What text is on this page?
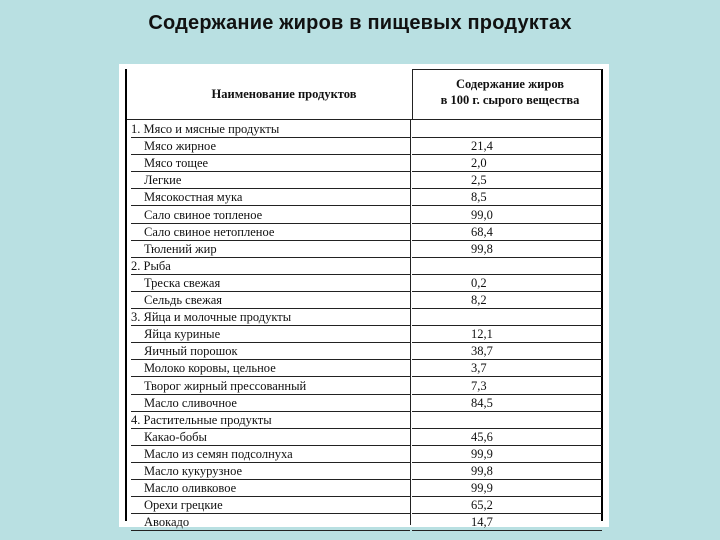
Содержание жиров в пищевых продуктах
Наименование продуктов
Содержание жиров
в 100 г. сырого вещества
1. Мясо и мясные продукты
Мясо жирное	21,4
Мясо тощее	2,0
Легкие	2,5
Мясокостная мука	8,5
Сало свиное топленое	99,0
Сало свиное нетопленое	68,4
Тюлений жир	99,8
2. Рыба
Треска свежая	0,2
Сельдь свежая	8,2
3. Яйца и молочные продукты
Яйца куриные	12,1
Яичный порошок	38,7
Молоко коровы, цельное	3,7
Творог жирный прессованный	7,3
Масло сливочное	84,5
4. Растительные продукты
Какао-бобы	45,6
Масло из семян подсолнуха	99,9
Масло кукурузное	99,8
Масло оливковое	99,9
Орехи грецкие	65,2
Авокадо	14,7
